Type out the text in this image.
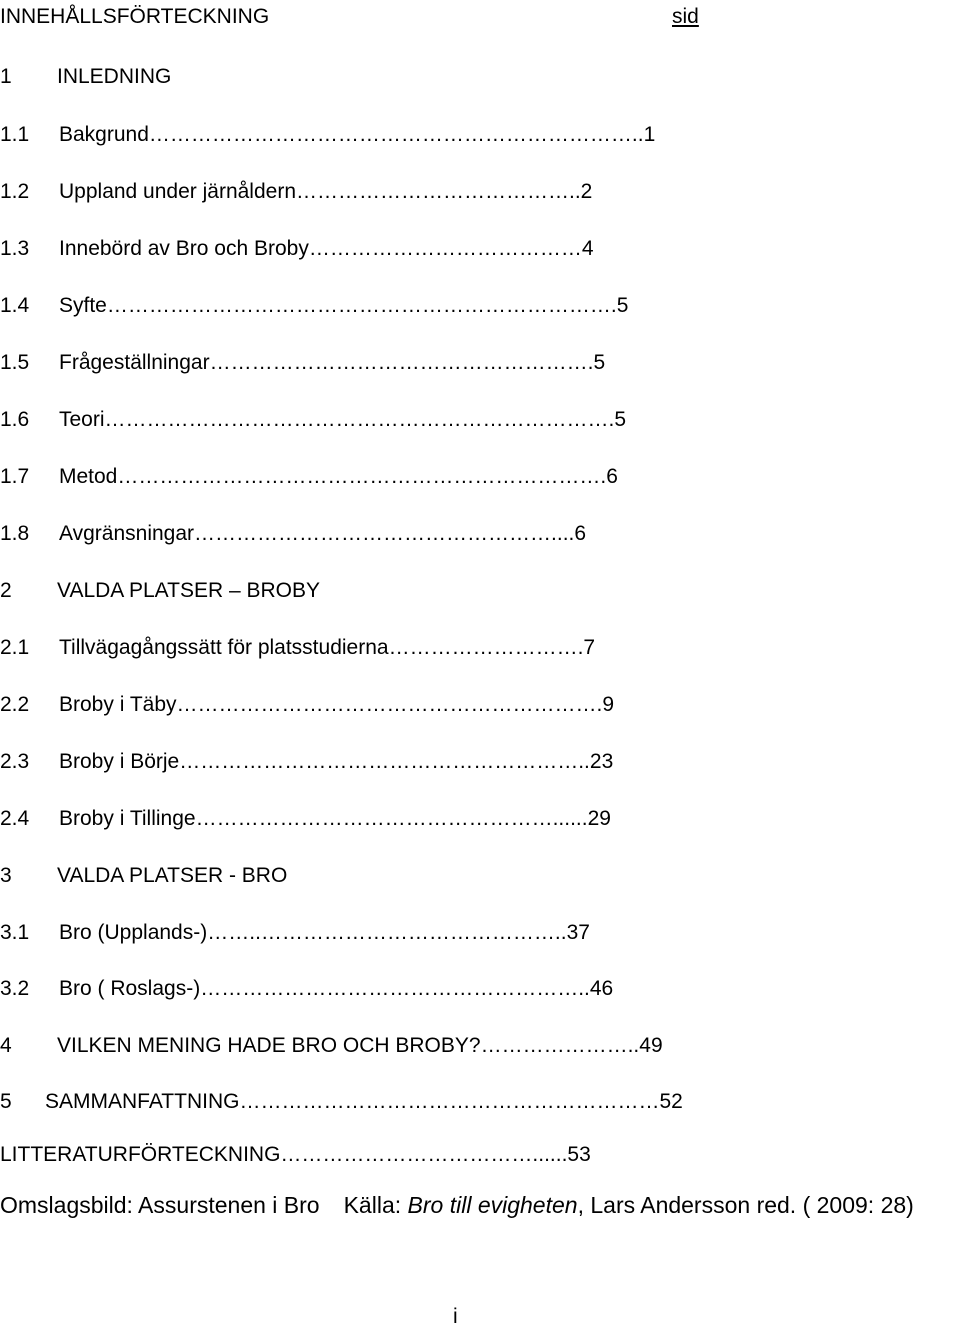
INNEHÅLLSFÖRTECKNING	sid
1 INLEDNING
1.1 Bakgrund……………………………………………………………..1
1.2 Uppland under järnåldern…………………………………..2
1.3 Innebörd av Bro och Broby…………………………………4
1.4 Syfte……………………………………………………………….5
1.5 Frågeställningar……………………………………………….5
1.6 Teori……………………………………………………………….5
1.7 Metod…………………………………………………………….6
1.8 Avgränsningar……………………………………………....6
2 VALDA PLATSER – BROBY
2.1 Tillvägagångssätt för platsstudierna……………………….7
2.2 Broby i Täby…………………………………………………….9
2.3 Broby i Börje…………………………………………………..23
2.4 Broby i Tillinge……………………………………………......29
3 VALDA PLATSER - BRO
3.1 Bro (Upplands-)……..……………………………………..37
3.2 Bro ( Roslags-)………………………………………………..46
4 VILKEN MENING HADE BRO OCH BROBY?…………………..49
5 SAMMANFATTNING……………………………………………………52
LITTERATURFÖRTECKNING………………………………......53
Omslagsbild: Assurstenen i Bro Källa: Bro till evigheten, Lars Andersson red. ( 2009: 28)
i
